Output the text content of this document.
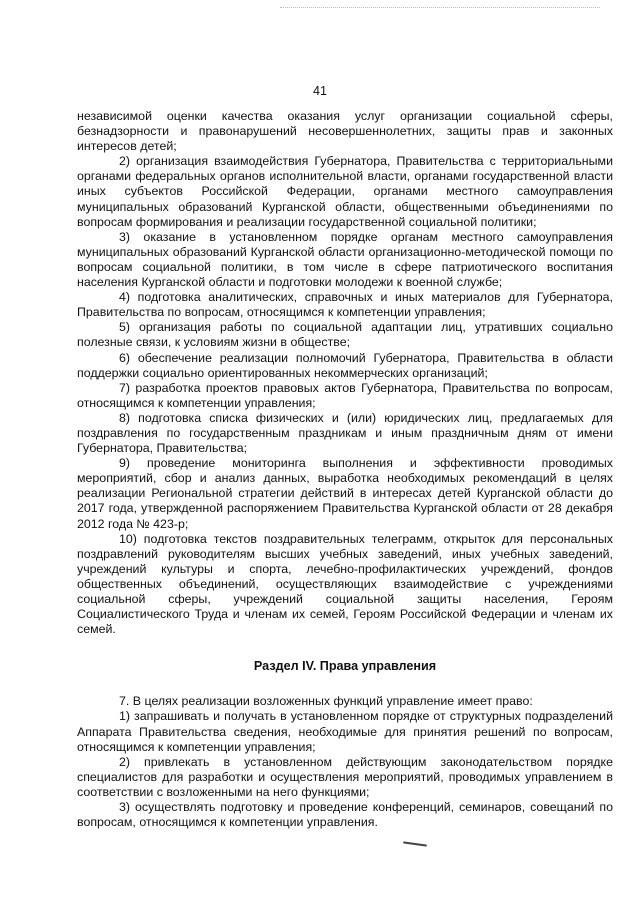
41

независимой оценки качества оказания услуг организации социальной сферы, безнадзорности и правонарушений несовершеннолетних, защиты прав и законных интересов детей;

2) организация взаимодействия Губернатора, Правительства с территориальными органами федеральных органов исполнительной власти, органами государственной власти иных субъектов Российской Федерации, органами местного самоуправления муниципальных образований Курганской области, общественными объединениями по вопросам формирования и реализации государственной социальной политики;

3) оказание в установленном порядке органам местного самоуправления муниципальных образований Курганской области организационно-методической помощи по вопросам социальной политики, в том числе в сфере патриотического воспитания населения Курганской области и подготовки молодежи к военной службе;

4) подготовка аналитических, справочных и иных материалов для Губернатора, Правительства по вопросам, относящимся к компетенции управления;

5) организация работы по социальной адаптации лиц, утративших социально полезные связи, к условиям жизни в обществе;

6) обеспечение реализации полномочий Губернатора, Правительства в области поддержки социально ориентированных некоммерческих организаций;

7) разработка проектов правовых актов Губернатора, Правительства по вопросам, относящимся к компетенции управления;

8) подготовка списка физических и (или) юридических лиц, предлагаемых для поздравления по государственным праздникам и иным праздничным дням от имени Губернатора, Правительства;

9) проведение мониторинга выполнения и эффективности проводимых мероприятий, сбор и анализ данных, выработка необходимых рекомендаций в целях реализации Региональной стратегии действий в интересах детей Курганской области до 2017 года, утвержденной распоряжением Правительства Курганской области от 28 декабря 2012 года № 423-р;

10) подготовка текстов поздравительных телеграмм, открыток для персональных поздравлений руководителям высших учебных заведений, иных учебных заведений, учреждений культуры и спорта, лечебно-профилактических учреждений, фондов общественных объединений, осуществляющих взаимодействие с учреждениями социальной сферы, учреждений социальной защиты населения, Героям Социалистического Труда и членам их семей, Героям Российской Федерации и членам их семей.

Раздел IV. Права управления

7. В целях реализации возложенных функций управление имеет право:

1) запрашивать и получать в установленном порядке от структурных подразделений Аппарата Правительства сведения, необходимые для принятия решений по вопросам, относящимся к компетенции управления;

2) привлекать в установленном действующим законодательством порядке специалистов для разработки и осуществления мероприятий, проводимых управлением в соответствии с возложенными на него функциями;

3) осуществлять подготовку и проведение конференций, семинаров, совещаний по вопросам, относящимся к компетенции управления.
